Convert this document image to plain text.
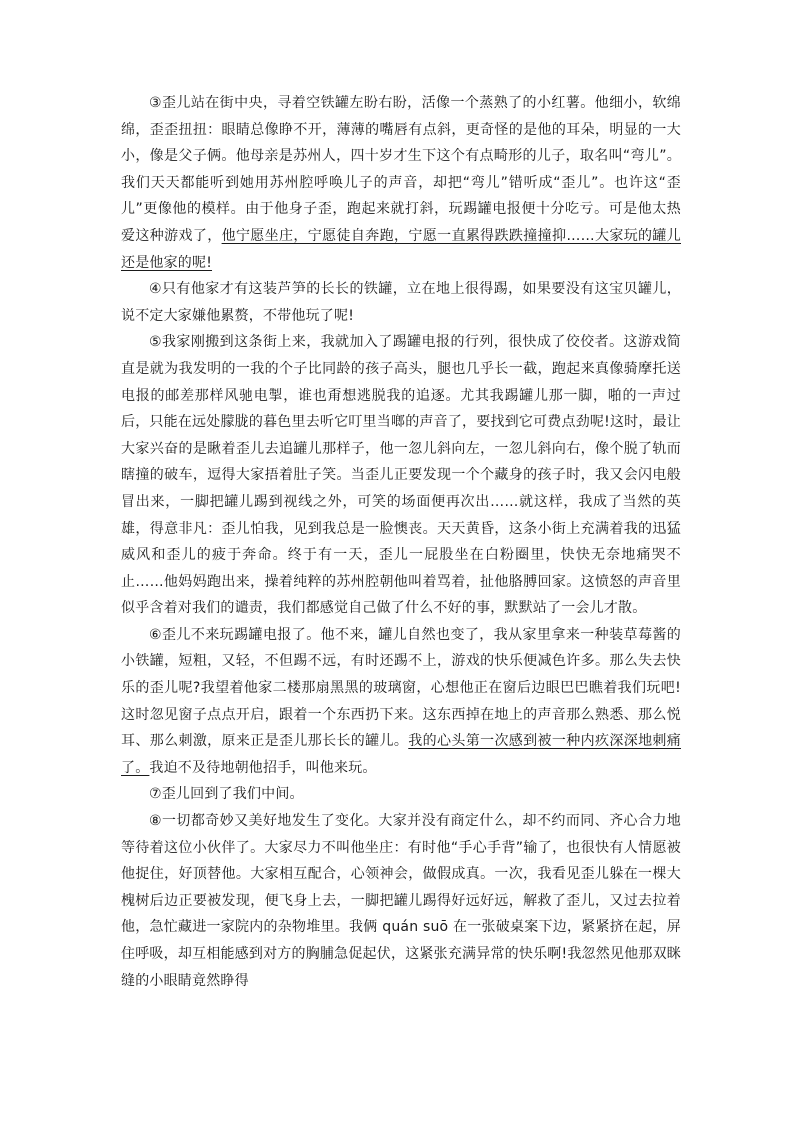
③歪儿站在街中央，寻着空铁罐左盼右盼，活像一个蒸熟了的小红薯。他细小，软绵绵，歪歪扭扭：眼睛总像睁不开，薄薄的嘴唇有点斜，更奇怪的是他的耳朵，明显的一大小，像是父子俩。他母亲是苏州人，四十岁才生下这个有点畸形的儿子，取名叫“弯儿”。我们天天都能听到她用苏州腔呼唤儿子的声音，却把“弯儿”错听成“歪儿”。也许这“歪儿”更像他的模样。由于他身子歪，跑起来就打斜，玩踢罐电报便十分吃亏。可是他太热爱这种游戏了，他宁愿坐庄，宁愿徒自奔跑，宁愿一直累得跌跌撞撞抑……大家玩的罐儿还是他家的呢!

④只有他家才有这装芦笋的长长的铁罐，立在地上很得踢，如果要没有这宝贝罐儿，说不定大家嫌他累赘，不带他玩了呢!

⑤我家刚搬到这条街上来，我就加入了踢罐电报的行列，很快成了佼佼者。这游戏简直是就为我发明的一我的个子比同龄的孩子高头，腿也几乎长一截，跑起来真像骑摩托送电报的邮差那样风驰电掣，谁也甭想逃脱我的追逐。尤其我踢罐儿那一脚，啪的一声过后，只能在远处朦胧的暮色里去听它叮里当啷的声音了，要找到它可费点劲呢!这时，最让大家兴奋的是瞅着歪儿去追罐儿那样子，他一忽儿斜向左，一忽儿斜向右，像个脱了轨而瞎撞的破车，逗得大家捂着肚子笑。当歪儿正要发现一个个藏身的孩子时，我又会闪电般冒出来，一脚把罐儿踢到视线之外，可笑的场面便再次出……就这样，我成了当然的英雄，得意非凡：歪儿怕我，见到我总是一脸懊丧。天天黄昏，这条小街上充满着我的迅猛威风和歪儿的疲于奔命。终于有一天，歪儿一屁股坐在白粉圈里，快快无奈地痛哭不止……他妈妈跑出来，操着纯粹的苏州腔朝他叫着骂着，扯他胳膊回家。这愤怒的声音里似乎含着对我们的谴责，我们都感觉自己做了什么不好的事，默默站了一会儿才散。

⑥歪儿不来玩踢罐电报了。他不来，罐儿自然也变了，我从家里拿来一种装草莓酱的小铁罐，短粗，又轻，不但踢不远，有时还踢不上，游戏的快乐便减色许多。那么失去快乐的歪儿呢?我望着他家二楼那扇黑黑的玻璃窗，心想他正在窗后边眼巴巴瞧着我们玩吧!这时忽见窗子点点开启，跟着一个东西扔下来。这东西掉在地上的声音那么熟悉、那么悦耳、那么刺激，原来正是歪儿那长长的罐儿。我的心头第一次感到被一种内疚深深地刺痛了。我迫不及待地朝他招手，叫他来玩。

⑦歪儿回到了我们中间。

⑧一切都奇妙又美好地发生了变化。大家并没有商定什么，却不约而同、齐心合力地等待着这位小伙伴了。大家尽力不叫他坐庄：有时他“手心手背”输了，也很快有人情愿被他捉住，好顶替他。大家相互配合，心领神会，做假成真。一次，我看见歪儿躲在一棵大槐树后边正要被发现，便飞身上去，一脚把罐儿踢得好远好远，解救了歪儿，又过去拉着他，急忙藏进一家院内的杂物堆里。我俩 quán suō 在一张破桌案下边，紧紧挤在起，屏住呼吸，却互相能感到对方的胸脯急促起伏，这紧张充满异常的快乐啊!我忽然见他那双眯缝的小眼睛竟然睁得
